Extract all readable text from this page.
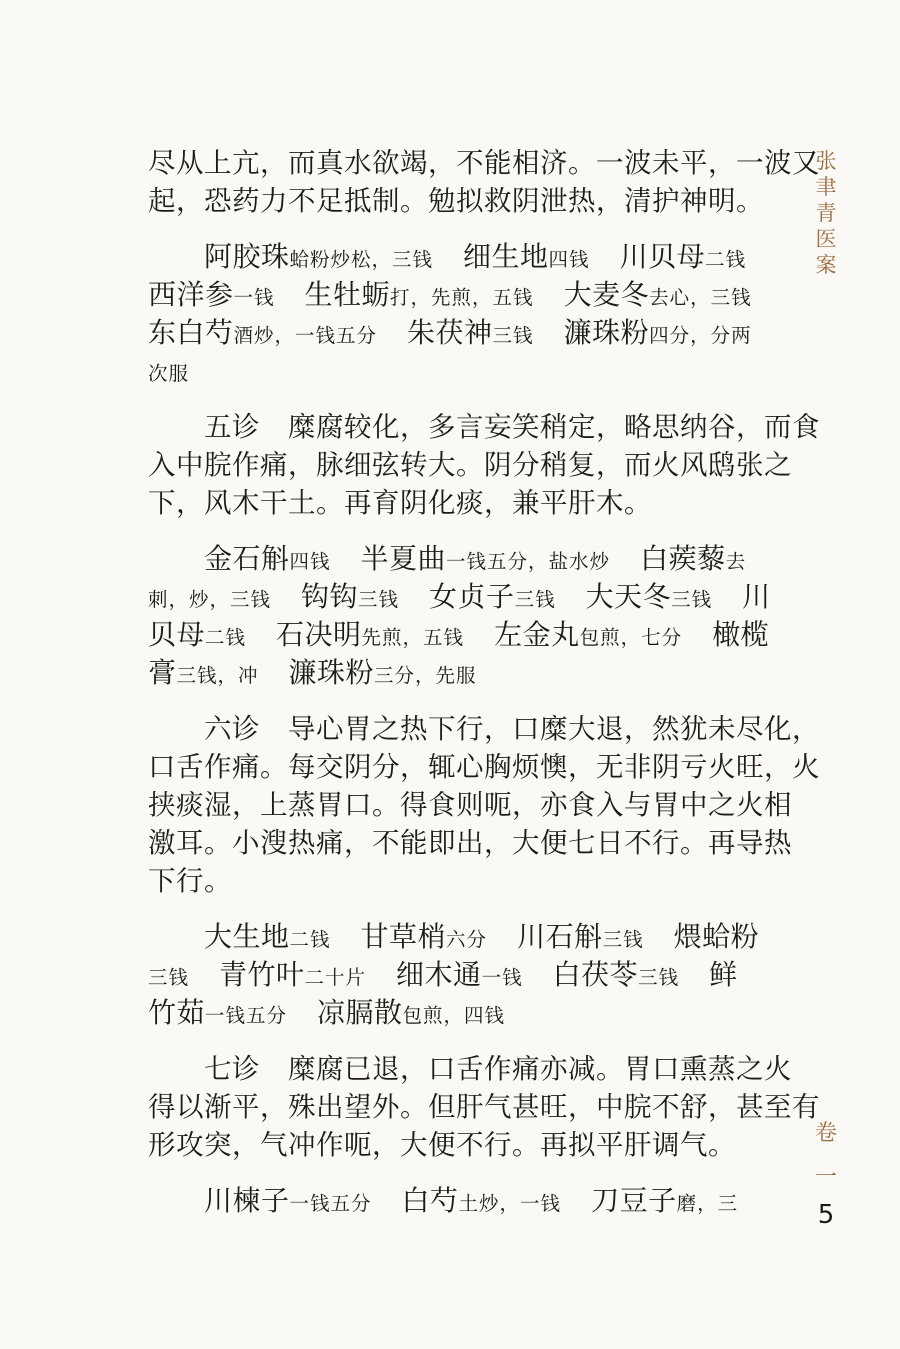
张
聿
青
医
案
尽从上亢，而真水欲竭，不能相济。一波未平，一波又
起，恐药力不足抵制。勉拟救阴泄热，清护神明。
阿胶珠蛤粉炒松，三钱 细生地四钱 川贝母二钱
西洋参一钱 生牡蛎打，先煎，五钱 大麦冬去心，三钱
东白芍酒炒，一钱五分 朱茯神三钱 濂珠粉四分，分两
次服
五诊　糜腐较化，多言妄笑稍定，略思纳谷，而食
入中脘作痛，脉细弦转大。阴分稍复，而火风鸱张之
下，风木干土。再育阴化痰，兼平肝木。
金石斛四钱 半夏曲一钱五分，盐水炒 白蒺藜去
刺，炒，三钱 钩钩三钱 女贞子三钱 大天冬三钱 川
贝母二钱 石决明先煎，五钱 左金丸包煎，七分 橄榄
膏三钱，冲 濂珠粉三分，先服
六诊　导心胃之热下行，口糜大退，然犹未尽化，
口舌作痛。每交阴分，辄心胸烦懊，无非阴亏火旺，火
挟痰湿，上蒸胃口。得食则呃，亦食入与胃中之火相
激耳。小溲热痛，不能即出，大便七日不行。再导热
下行。
大生地二钱 甘草梢六分 川石斛三钱 煨蛤粉
三钱 青竹叶二十片 细木通一钱 白茯苓三钱 鲜
竹茹一钱五分 凉膈散包煎，四钱
七诊　糜腐已退，口舌作痛亦减。胃口熏蒸之火
得以渐平，殊出望外。但肝气甚旺，中脘不舒，甚至有
形攻突，气冲作呃，大便不行。再拟平肝调气。
川楝子一钱五分 白芍土炒，一钱 刀豆子磨，三
卷
一
5
